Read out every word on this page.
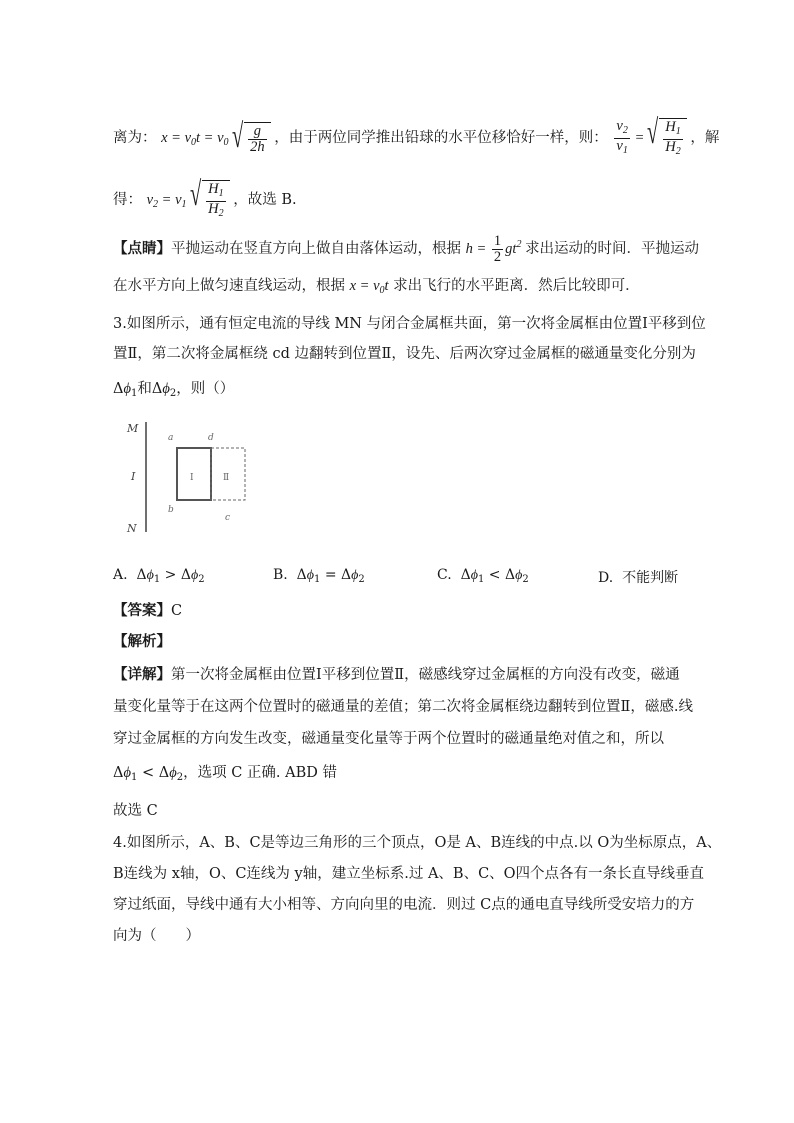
离为： $x = v_0t = v_0$ √ $\frac{g}{2h}$ ，由于两位同学推出铅球的水平位移恰好一样，则： $\frac{v_2}{v_1}$ = √ $\frac{H_1}{H_2}$ ，解
得： $v_2 = v_1$ √ $\frac{H_1}{H_2}$ ，故选 B.
【点睛】平抛运动在竖直方向上做自由落体运动，根据 $h = \frac{1}{2} gt^2$ 求出运动的时间．平抛运动
在水平方向上做匀速直线运动，根据 $x = v_0t$ 求出飞行的水平距离．然后比较即可．
3.如图所示，通有恒定电流的导线 MN 与闭合金属框共面，第一次将金属框由位置Ⅰ平移到位
置Ⅱ，第二次将金属框绕 cd 边翻转到位置Ⅱ，设先、后两次穿过金属框的磁通量变化分别为
$\Delta\phi_1$和$\Delta\phi_2$，则（）
M
I
N
a	d
b
c
I	Ⅱ
A. $\Delta\phi_1 > \Delta\phi_2$	B. $\Delta\phi_1 = \Delta\phi_2$	C. $\Delta\phi_1 < \Delta\phi_2$	D. 不能判断
【答案】C
【解析】
【详解】第一次将金属框由位置Ⅰ平移到位置Ⅱ，磁感线穿过金属框的方向没有改变，磁通
量变化量等于在这两个位置时的磁通量的差值；第二次将金属框绕边翻转到位置Ⅱ，磁感.线
穿过金属框的方向发生改变，磁通量变化量等于两个位置时的磁通量绝对值之和，所以
$\Delta\phi_1 < \Delta\phi_2$，选项 C 正确. ABD 错
故选 C
4.如图所示，A、B、C是等边三角形的三个顶点，O是 A、B连线的中点.以 O为坐标原点，A、
B连线为 x轴，O、C连线为 y轴，建立坐标系.过 A、B、C、O四个点各有一条长直导线垂直
穿过纸面，导线中通有大小相等、方向向里的电流．则过 C点的通电直导线所受安培力的方
向为（　　）
